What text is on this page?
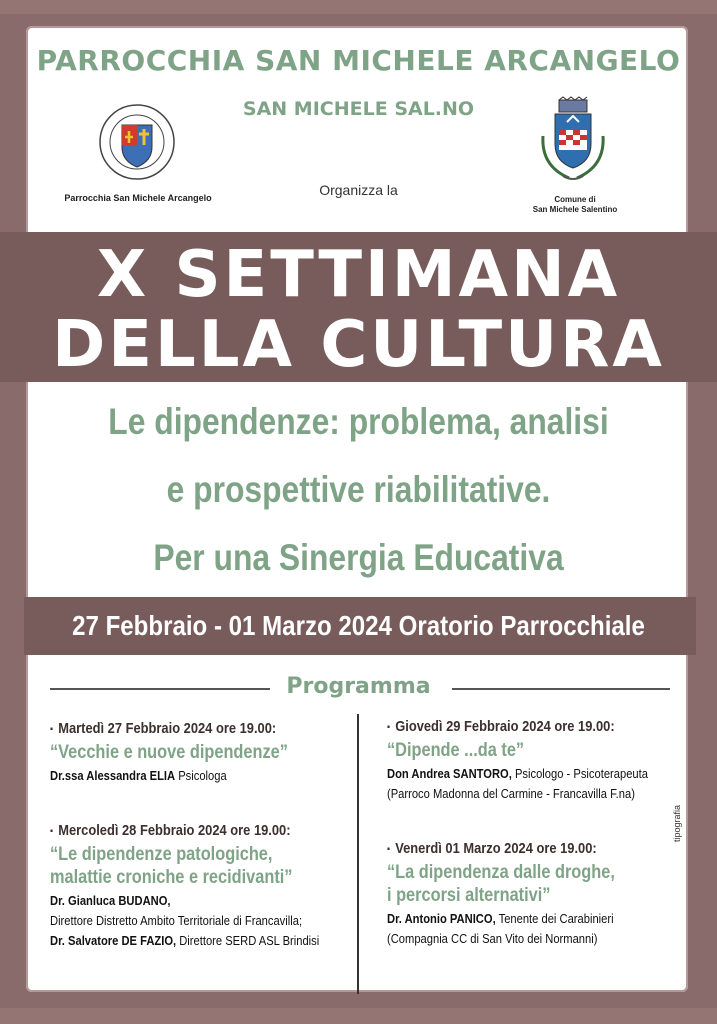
PARROCCHIA SAN MICHELE ARCANGELO
SAN MICHELE SAL.NO
Parrocchia San Michele Arcangelo	Organizza la
Comune di
San Michele Salentino
X SETTIMANA
DELLA CULTURA
Le dipendenze: problema, analisi
e prospettive riabilitative.
Per una Sinergia Educativa
27 Febbraio - 01 Marzo 2024 Oratorio Parrocchiale
Programma
▪ Martedì 27 Febbraio 2024 ore 19.00:
“Vecchie e nuove dipendenze”
Dr.ssa Alessandra ELIA Psicologa
▪ Mercoledì 28 Febbraio 2024 ore 19.00:
“Le dipendenze patologiche,
malattie croniche e recidivanti”
Dr. Gianluca BUDANO,
Direttore Distretto Ambito Territoriale di Francavilla;
Dr. Salvatore DE FAZIO, Direttore SERD ASL Brindisi
▪ Giovedì 29 Febbraio 2024 ore 19.00:
“Dipende ...da te”
Don Andrea SANTORO, Psicologo - Psicoterapeuta
(Parroco Madonna del Carmine - Francavilla F.na)
▪ Venerdì 01 Marzo 2024 ore 19.00:
“La dipendenza dalle droghe,
i percorsi alternativi”
Dr. Antonio PANICO, Tenente dei Carabinieri
(Compagnia CC di San Vito dei Normanni)
tipografia
